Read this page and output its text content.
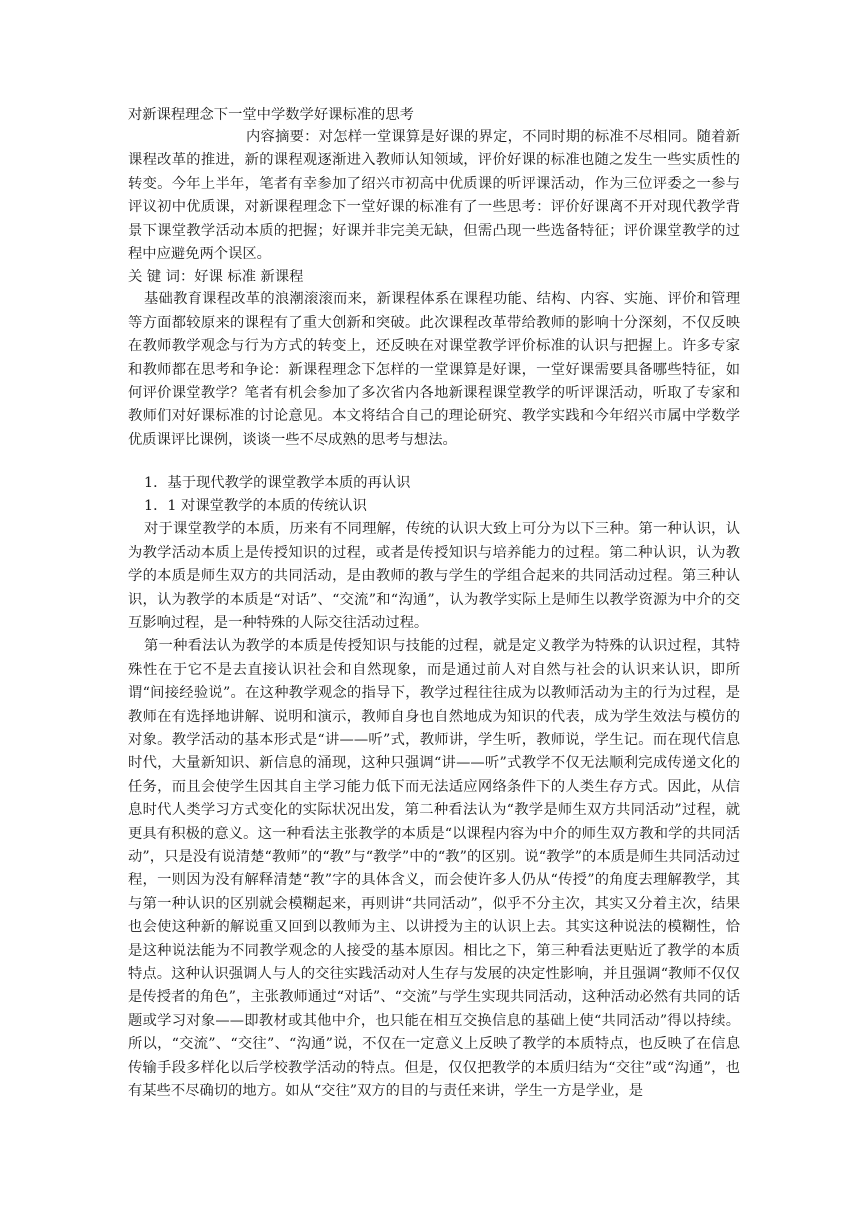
对新课程理念下一堂中学数学好课标准的思考

内容摘要：对怎样一堂课算是好课的界定，不同时期的标准不尽相同。随着新课程改革的推进，新的课程观逐渐进入教师认知领域，评价好课的标准也随之发生一些实质性的转变。今年上半年，笔者有幸参加了绍兴市初高中优质课的听评课活动，作为三位评委之一参与评议初中优质课，对新课程理念下一堂好课的标准有了一些思考：评价好课离不开对现代教学背景下课堂教学活动本质的把握；好课并非完美无缺，但需凸现一些选备特征；评价课堂教学的过程中应避免两个误区。

关 键 词：好课 标准 新课程

基础教育课程改革的浪潮滚滚而来，新课程体系在课程功能、结构、内容、实施、评价和管理等方面都较原来的课程有了重大创新和突破。此次课程改革带给教师的影响十分深刻，不仅反映在教师教学观念与行为方式的转变上，还反映在对课堂教学评价标准的认识与把握上。许多专家和教师都在思考和争论：新课程理念下怎样的一堂课算是好课，一堂好课需要具备哪些特征，如何评价课堂教学？笔者有机会参加了多次省内各地新课程课堂教学的听评课活动，听取了专家和教师们对好课标准的讨论意见。本文将结合自己的理论研究、教学实践和今年绍兴市属中学数学优质课评比课例，谈谈一些不尽成熟的思考与想法。

1．基于现代教学的课堂教学本质的再认识

1．1 对课堂教学的本质的传统认识

对于课堂教学的本质，历来有不同理解，传统的认识大致上可分为以下三种。第一种认识，认为教学活动本质上是传授知识的过程，或者是传授知识与培养能力的过程。第二种认识，认为教学的本质是师生双方的共同活动，是由教师的教与学生的学组合起来的共同活动过程。第三种认识，认为教学的本质是“对话”、“交流”和“沟通”，认为教学实际上是师生以教学资源为中介的交互影响过程，是一种特殊的人际交往活动过程。

第一种看法认为教学的本质是传授知识与技能的过程，就是定义教学为特殊的认识过程，其特殊性在于它不是去直接认识社会和自然现象，而是通过前人对自然与社会的认识来认识，即所谓“间接经验说”。在这种教学观念的指导下，教学过程往往成为以教师活动为主的行为过程，是教师在有选择地讲解、说明和演示，教师自身也自然地成为知识的代表，成为学生效法与模仿的对象。教学活动的基本形式是“讲——听”式，教师讲，学生听，教师说，学生记。而在现代信息时代，大量新知识、新信息的涌现，这种只强调“讲——听”式教学不仅无法顺利完成传递文化的任务，而且会使学生因其自主学习能力低下而无法适应网络条件下的人类生存方式。因此，从信息时代人类学习方式变化的实际状况出发，第二种看法认为“教学是师生双方共同活动”过程，就更具有积极的意义。这一种看法主张教学的本质是“以课程内容为中介的师生双方教和学的共同活动”，只是没有说清楚“教师”的“教”与“教学”中的“教”的区别。说“教学”的本质是师生共同活动过程，一则因为没有解释清楚“教”字的具体含义，而会使许多人仍从“传授”的角度去理解教学，其与第一种认识的区别就会模糊起来，再则讲“共同活动”，似乎不分主次，其实又分着主次，结果也会使这种新的解说重又回到以教师为主、以讲授为主的认识上去。其实这种说法的模糊性，恰是这种说法能为不同教学观念的人接受的基本原因。相比之下，第三种看法更贴近了教学的本质特点。这种认识强调人与人的交往实践活动对人生存与发展的决定性影响，并且强调“教师不仅仅是传授者的角色”，主张教师通过“对话”、“交流”与学生实现共同活动，这种活动必然有共同的话题或学习对象——即教材或其他中介，也只能在相互交换信息的基础上使“共同活动”得以持续。所以，“交流”、“交往”、“沟通”说，不仅在一定意义上反映了教学的本质特点，也反映了在信息传输手段多样化以后学校教学活动的特点。但是，仅仅把教学的本质归结为“交往”或“沟通”，也有某些不尽确切的地方。如从“交往”双方的目的与责任来讲，学生一方是学业，是
